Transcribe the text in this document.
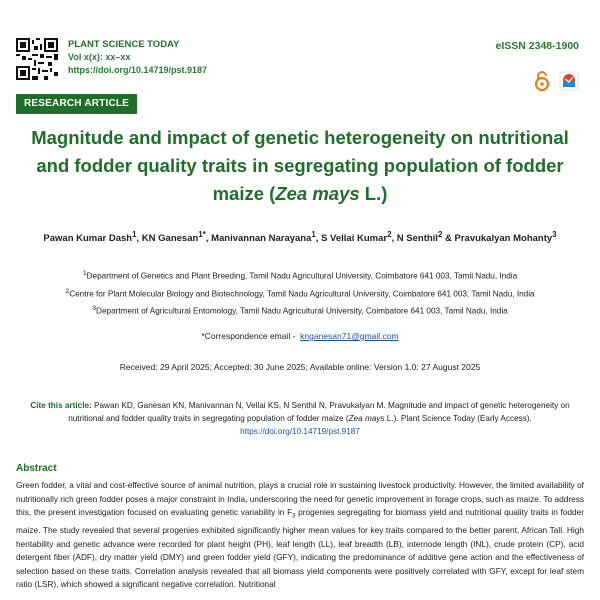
PLANT SCIENCE TODAY
Vol x(x): xx–xx
https://doi.org/10.14719/pst.9187
eISSN 2348-1900
RESEARCH ARTICLE
Magnitude and impact of genetic heterogeneity on nutritional and fodder quality traits in segregating population of fodder maize (Zea mays L.)
Pawan Kumar Dash$^1$, KN Ganesan$^{1*}$, Manivannan Narayana$^1$, S Vellai Kumar$^2$, N Senthil$^2$ & Pravukalyan Mohanty$^3$
$^1$Department of Genetics and Plant Breeding, Tamil Nadu Agricultural University, Coimbatore 641 003, Tamil Nadu, India
$^2$Centre for Plant Molecular Biology and Biotechnology, Tamil Nadu Agricultural University, Coimbatore 641 003, Tamil Nadu, India
$^3$Department of Agricultural Entomology, Tamil Nadu Agricultural University, Coimbatore 641 003, Tamil Nadu, India
*Correspondence email - knganesan71@gmail.com
Received: 29 April 2025; Accepted: 30 June 2025; Available online: Version 1.0: 27 August 2025
Cite this article: Pawan KD, Ganesan KN, Manivannan N, Vellai KS, N Senthil N, Pravukalyan M. Magnitude and impact of genetic heterogeneity on nutritional and fodder quality traits in segregating population of fodder maize (Zea mays L.). Plant Science Today (Early Access).
https://doi.org/10.14719/pst.9187
Abstract
Green fodder, a vital and cost-effective source of animal nutrition, plays a crucial role in sustaining livestock productivity. However, the limited availability of nutritionally rich green fodder poses a major constraint in India, underscoring the need for genetic improvement in forage crops, such as maize. To address this, the present investigation focused on evaluating genetic variability in $F_3$ progenies segregating for biomass yield and nutritional quality traits in fodder maize. The study revealed that several progenies exhibited significantly higher mean values for key traits compared to the better parent, African Tall. High heritability and genetic advance were recorded for plant height (PH), leaf length (LL), leaf breadth (LB), internode length (INL), crude protein (CP), acid detergent fiber (ADF), dry matter yield (DMY) and green fodder yield (GFY), indicating the predominance of additive gene action and the effectiveness of selection based on these traits. Correlation analysis revealed that all biomass yield components were positively correlated with GFY, except for leaf stem ratio (LSR), which showed a significant negative correlation. Nutritional
